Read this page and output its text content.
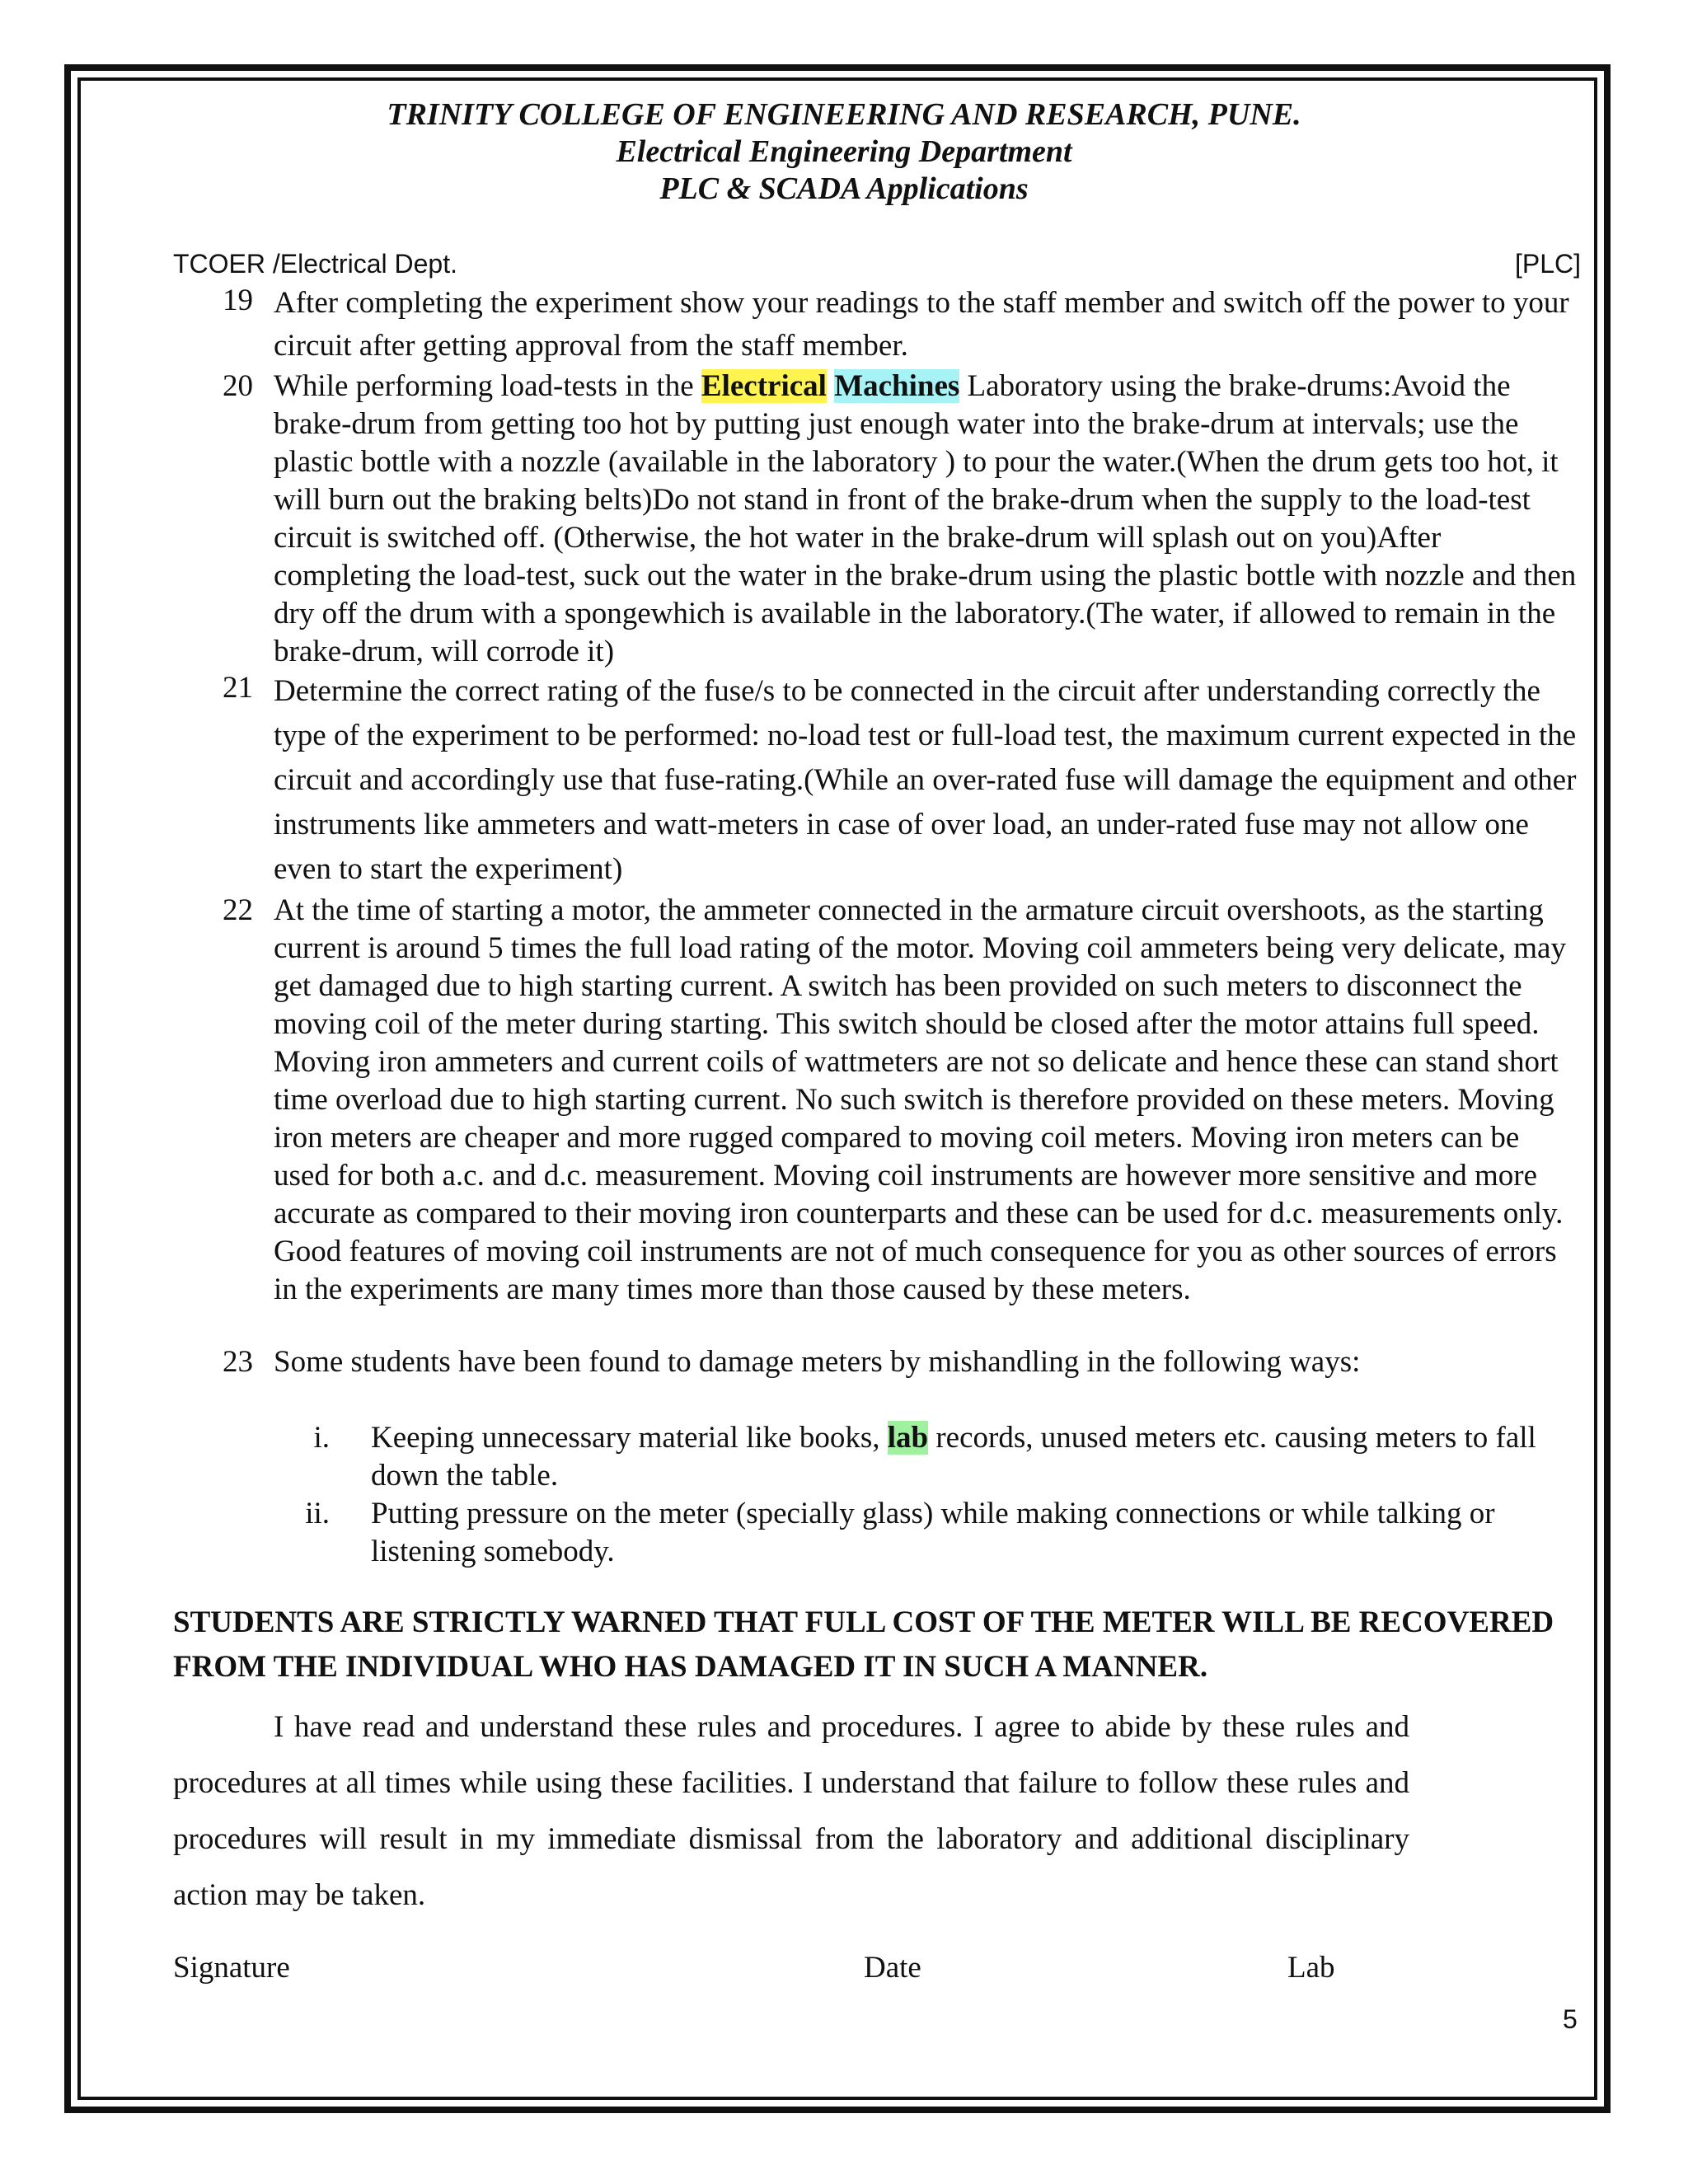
TRINITY COLLEGE OF ENGINEERING AND RESEARCH, PUNE.
Electrical Engineering Department
PLC & SCADA Applications
TCOER /Electrical Dept.	[PLC]
19 After completing the experiment show your readings to the staff member and switch off the power to your circuit after getting approval from the staff member.
20 While performing load-tests in the Electrical Machines Laboratory using the brake-drums:Avoid the brake-drum from getting too hot by putting just enough water into the brake-drum at intervals; use the plastic bottle with a nozzle (available in the laboratory ) to pour the water.(When the drum gets too hot, it will burn out the braking belts)Do not stand in front of the brake-drum when the supply to the load-test circuit is switched off. (Otherwise, the hot water in the brake-drum will splash out on you)After completing the load-test, suck out the water in the brake-drum using the plastic bottle with nozzle and then dry off the drum with a spongewhich is available in the laboratory.(The water, if allowed to remain in the brake-drum, will corrode it)
21 Determine the correct rating of the fuse/s to be connected in the circuit after understanding correctly the type of the experiment to be performed: no-load test or full-load test, the maximum current expected in the circuit and accordingly use that fuse-rating.(While an over-rated fuse will damage the equipment and other instruments like ammeters and watt-meters in case of over load, an under-rated fuse may not allow one even to start the experiment)
22 At the time of starting a motor, the ammeter connected in the armature circuit overshoots, as the starting current is around 5 times the full load rating of the motor. Moving coil ammeters being very delicate, may get damaged due to high starting current. A switch has been provided on such meters to disconnect the moving coil of the meter during starting. This switch should be closed after the motor attains full speed. Moving iron ammeters and current coils of wattmeters are not so delicate and hence these can stand short time overload due to high starting current. No such switch is therefore provided on these meters. Moving iron meters are cheaper and more rugged compared to moving coil meters. Moving iron meters can be used for both a.c. and d.c. measurement. Moving coil instruments are however more sensitive and more accurate as compared to their moving iron counterparts and these can be used for d.c. measurements only. Good features of moving coil instruments are not of much consequence for you as other sources of errors in the experiments are many times more than those caused by these meters.
23 Some students have been found to damage meters by mishandling in the following ways:
i. Keeping unnecessary material like books, lab records, unused meters etc. causing meters to fall down the table.
ii. Putting pressure on the meter (specially glass) while making connections or while talking or listening somebody.
STUDENTS ARE STRICTLY WARNED THAT FULL COST OF THE METER WILL BE RECOVERED FROM THE INDIVIDUAL WHO HAS DAMAGED IT IN SUCH A MANNER.
I have read and understand these rules and procedures. I agree to abide by these rules and procedures at all times while using these facilities. I understand that failure to follow these rules and procedures will result in my immediate dismissal from the laboratory and additional disciplinary action may be taken.
Signature	Date	Lab
5
